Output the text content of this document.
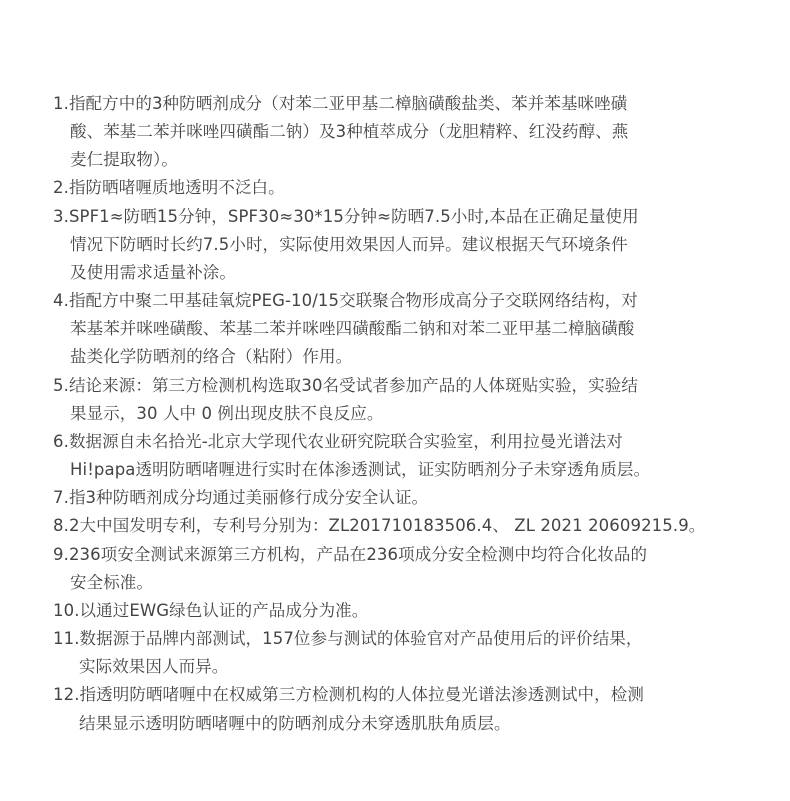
1.指配方中的3种防晒剂成分（对苯二亚甲基二樟脑磺酸盐类、苯并苯基咪唑磺
酸、苯基二苯并咪唑四磺酯二钠）及3种植萃成分（龙胆精粹、红没药醇、燕
麦仁提取物）。
2.指防晒啫喱质地透明不泛白。
3.SPF1≈防晒15分钟，SPF30≈30*15分钟≈防晒7.5小时,本品在正确足量使用
情况下防晒时长约7.5小时，实际使用效果因人而异。建议根据天气环境条件
及使用需求适量补涂。
4.指配方中聚二甲基硅氧烷PEG-10/15交联聚合物形成高分子交联网络结构，对
苯基苯并咪唑磺酸、苯基二苯并咪唑四磺酸酯二钠和对苯二亚甲基二樟脑磺酸
盐类化学防晒剂的络合（粘附）作用。
5.结论来源：第三方检测机构选取30名受试者参加产品的人体斑贴实验，实验结
果显示，30 人中 0 例出现皮肤不良反应。
6.数据源自未名拾光-北京大学现代农业研究院联合实验室，利用拉曼光谱法对
Hi!papa透明防晒啫喱进行实时在体渗透测试，证实防晒剂分子未穿透角质层。
7.指3种防晒剂成分均通过美丽修行成分安全认证。
8.2大中国发明专利，专利号分别为：ZL201710183506.4、 ZL 2021 20609215.9。
9.236项安全测试来源第三方机构，产品在236项成分安全检测中均符合化妆品的
安全标准。
10.以通过EWG绿色认证的产品成分为准。
11.数据源于品牌内部测试，157位参与测试的体验官对产品使用后的评价结果，
实际效果因人而异。
12.指透明防晒啫喱中在权威第三方检测机构的人体拉曼光谱法渗透测试中，检测
结果显示透明防晒啫喱中的防晒剂成分未穿透肌肤角质层。
